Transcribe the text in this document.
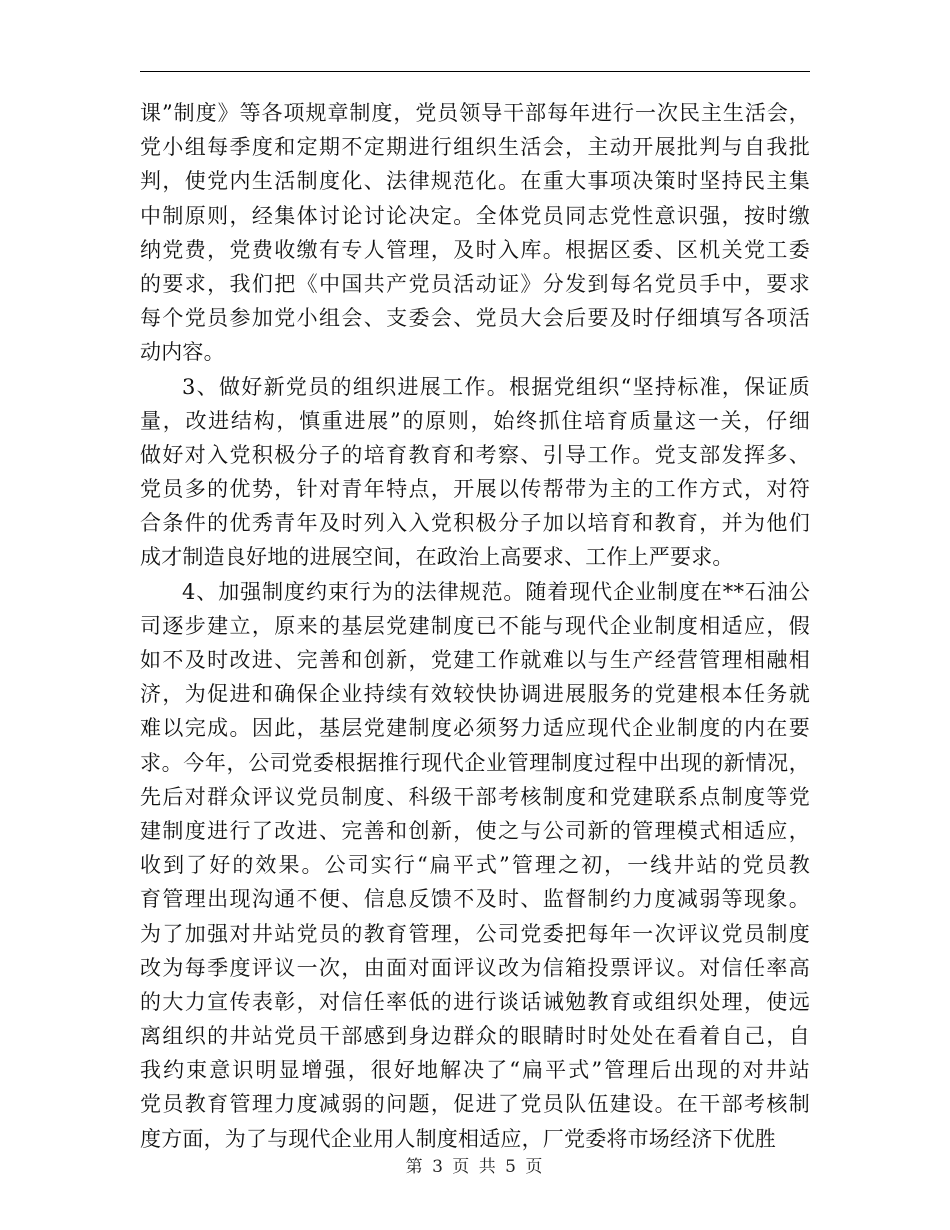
课”制度》等各项规章制度，党员领导干部每年进行一次民主生活会，
党小组每季度和定期不定期进行组织生活会，主动开展批判与自我批
判，使党内生活制度化、法律规范化。在重大事项决策时坚持民主集
中制原则，经集体讨论讨论决定。全体党员同志党性意识强，按时缴
纳党费，党费收缴有专人管理，及时入库。根据区委、区机关党工委
的要求，我们把《中国共产党员活动证》分发到每名党员手中，要求
每个党员参加党小组会、支委会、党员大会后要及时仔细填写各项活
动内容。
3、做好新党员的组织进展工作。根据党组织“坚持标准，保证质
量，改进结构，慎重进展”的原则，始终抓住培育质量这一关，仔细
做好对入党积极分子的培育教育和考察、引导工作。党支部发挥多、
党员多的优势，针对青年特点，开展以传帮带为主的工作方式，对符
合条件的优秀青年及时列入入党积极分子加以培育和教育，并为他们
成才制造良好地的进展空间，在政治上高要求、工作上严要求。
4、加强制度约束行为的法律规范。随着现代企业制度在**石油公
司逐步建立，原来的基层党建制度已不能与现代企业制度相适应，假
如不及时改进、完善和创新，党建工作就难以与生产经营管理相融相
济，为促进和确保企业持续有效较快协调进展服务的党建根本任务就
难以完成。因此，基层党建制度必须努力适应现代企业制度的内在要
求。今年，公司党委根据推行现代企业管理制度过程中出现的新情况，
先后对群众评议党员制度、科级干部考核制度和党建联系点制度等党
建制度进行了改进、完善和创新，使之与公司新的管理模式相适应，
收到了好的效果。公司实行“扁平式”管理之初，一线井站的党员教
育管理出现沟通不便、信息反馈不及时、监督制约力度减弱等现象。
为了加强对井站党员的教育管理，公司党委把每年一次评议党员制度
改为每季度评议一次，由面对面评议改为信箱投票评议。对信任率高
的大力宣传表彰，对信任率低的进行谈话诫勉教育或组织处理，使远
离组织的井站党员干部感到身边群众的眼睛时时处处在看着自己，自
我约束意识明显增强，很好地解决了“扁平式”管理后出现的对井站
党员教育管理力度减弱的问题，促进了党员队伍建设。在干部考核制
度方面，为了与现代企业用人制度相适应，厂党委将市场经济下优胜
第 3 页 共 5 页
